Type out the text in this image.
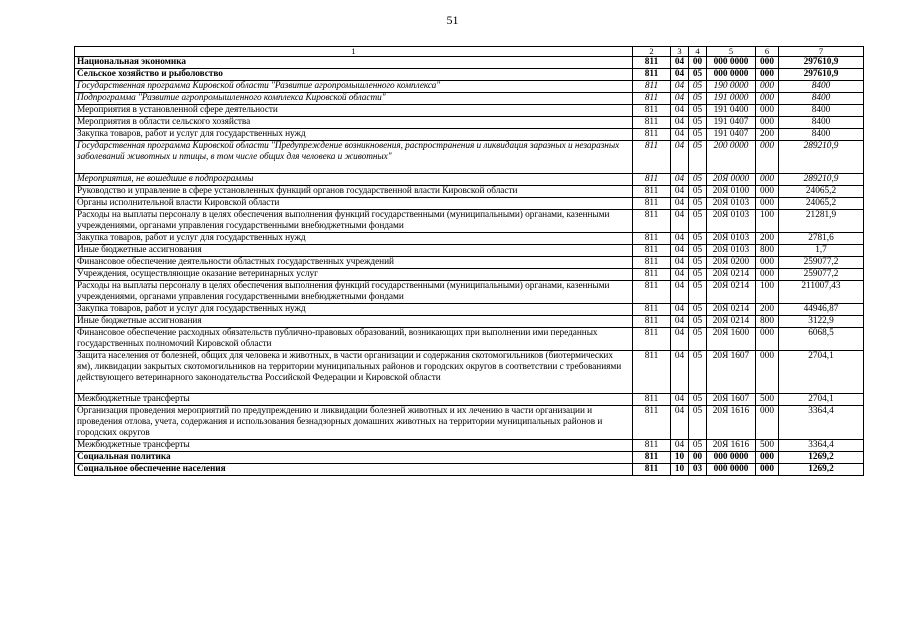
51
1	2	3	4	5	6	7
Национальная экономика	811	04	00	000 0000	000	297610,9
Сельское хозяйство и рыболовство	811	04	05	000 0000	000	297610,9
Государственная программа Кировской области "Развитие агропромышленного комплекса"	811	04	05	190 0000	000	8400
Подпрограмма "Развитие агропромышленного комплекса Кировской области"	811	04	05	191 0000	000	8400
Мероприятия в установленной сфере деятельности	811	04	05	191 0400	000	8400
Мероприятия в области сельского хозяйства	811	04	05	191 0407	000	8400
Закупка товаров, работ и услуг для государственных нужд	811	04	05	191 0407	200	8400
Государственная программа Кировской области "Предупреждение возникновения, распространения и ликвидация заразных и незаразных заболеваний животных и птицы, в том числе общих для человека и животных"	811	04	05	200 0000	000	289210,9
Мероприятия, не вошедшие в подпрограммы	811	04	05	20Я 0000	000	289210,9
Руководство и управление в сфере установленных функций органов государственной власти Кировской области	811	04	05	20Я 0100	000	24065,2
Органы исполнительной власти Кировской области	811	04	05	20Я 0103	000	24065,2
Расходы на выплаты персоналу в целях обеспечения выполнения функций государственными (муниципальными) органами, казенными учреждениями, органами управления государственными внебюджетными фондами	811	04	05	20Я 0103	100	21281,9
Закупка товаров, работ и услуг для государственных нужд	811	04	05	20Я 0103	200	2781,6
Иные бюджетные ассигнования	811	04	05	20Я 0103	800	1,7
Финансовое обеспечение деятельности областных государственных учреждений	811	04	05	20Я 0200	000	259077,2
Учреждения, осуществляющие оказание ветеринарных услуг	811	04	05	20Я 0214	000	259077,2
Расходы на выплаты персоналу в целях обеспечения выполнения функций государственными (муниципальными) органами, казенными учреждениями, органами управления государственными внебюджетными фондами	811	04	05	20Я 0214	100	211007,43
Закупка товаров, работ и услуг для государственных нужд	811	04	05	20Я 0214	200	44946,87
Иные бюджетные ассигнования	811	04	05	20Я 0214	800	3122,9
Финансовое обеспечение расходных обязательств публично-правовых образований, возникающих при выполнении ими переданных государственных полномочий Кировской области	811	04	05	20Я 1600	000	6068,5
Защита населения от болезней, общих для человека и животных, в части организации и содержания скотомогильников (биотермических ям), ликвидации закрытых скотомогильников на территории муниципальных районов и городских округов в соответствии с требованиями действующего ветеринарного законодательства Российской Федерации и Кировской области	811	04	05	20Я 1607	000	2704,1
Межбюджетные трансферты	811	04	05	20Я 1607	500	2704,1
Организация проведения мероприятий по предупреждению и ликвидации болезней животных и их лечению в части организации и проведения отлова, учета, содержания и использования безнадзорных домашних животных на территории муниципальных районов и городских округов	811	04	05	20Я 1616	000	3364,4
Межбюджетные трансферты	811	04	05	20Я 1616	500	3364,4
Социальная политика	811	10	00	000 0000	000	1269,2
Социальное обеспечение населения	811	10	03	000 0000	000	1269,2
